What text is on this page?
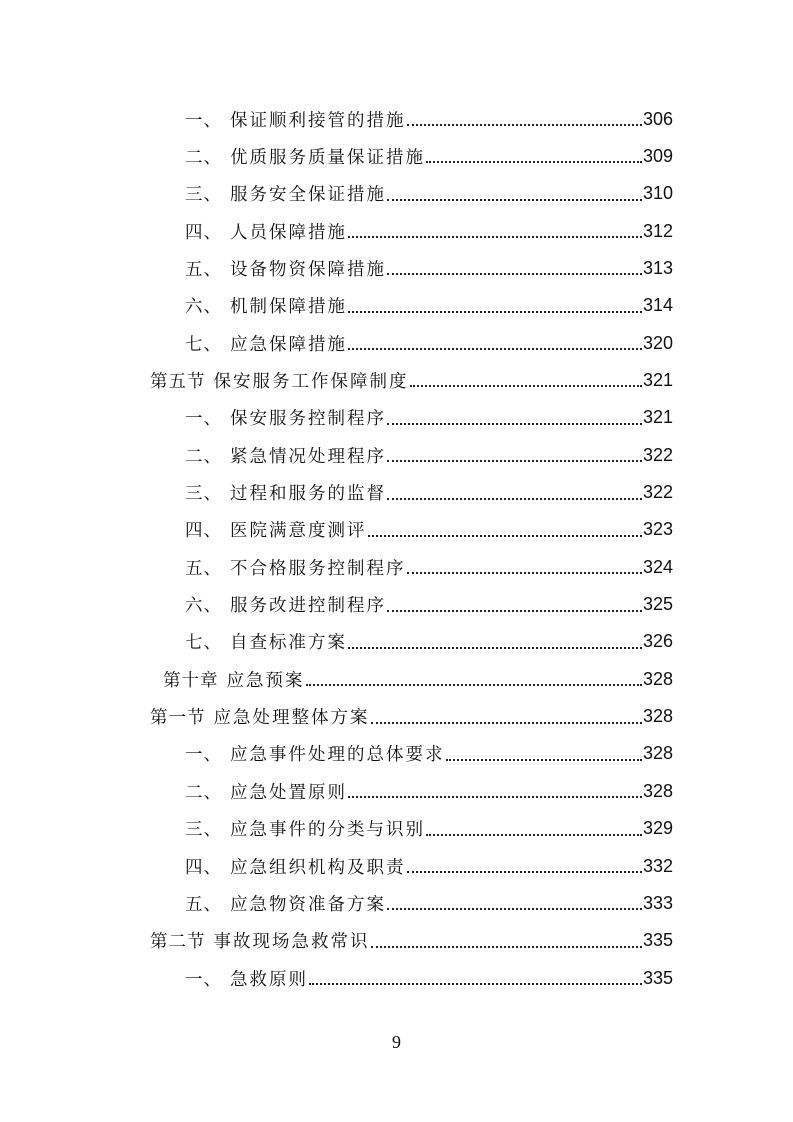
一、 保证顺利接管的措施	306
二、 优质服务质量保证措施	309
三、 服务安全保证措施	310
四、 人员保障措施	312
五、 设备物资保障措施	313
六、 机制保障措施	314
七、 应急保障措施	320
第五节 保安服务工作保障制度	321
一、 保安服务控制程序	321
二、 紧急情况处理程序	322
三、 过程和服务的监督	322
四、 医院满意度测评	323
五、 不合格服务控制程序	324
六、 服务改进控制程序	325
七、 自查标准方案	326
第十章 应急预案	328
第一节 应急处理整体方案	328
一、 应急事件处理的总体要求	328
二、 应急处置原则	328
三、 应急事件的分类与识别	329
四、 应急组织机构及职责	332
五、 应急物资准备方案	333
第二节 事故现场急救常识	335
一、 急救原则	335
9
